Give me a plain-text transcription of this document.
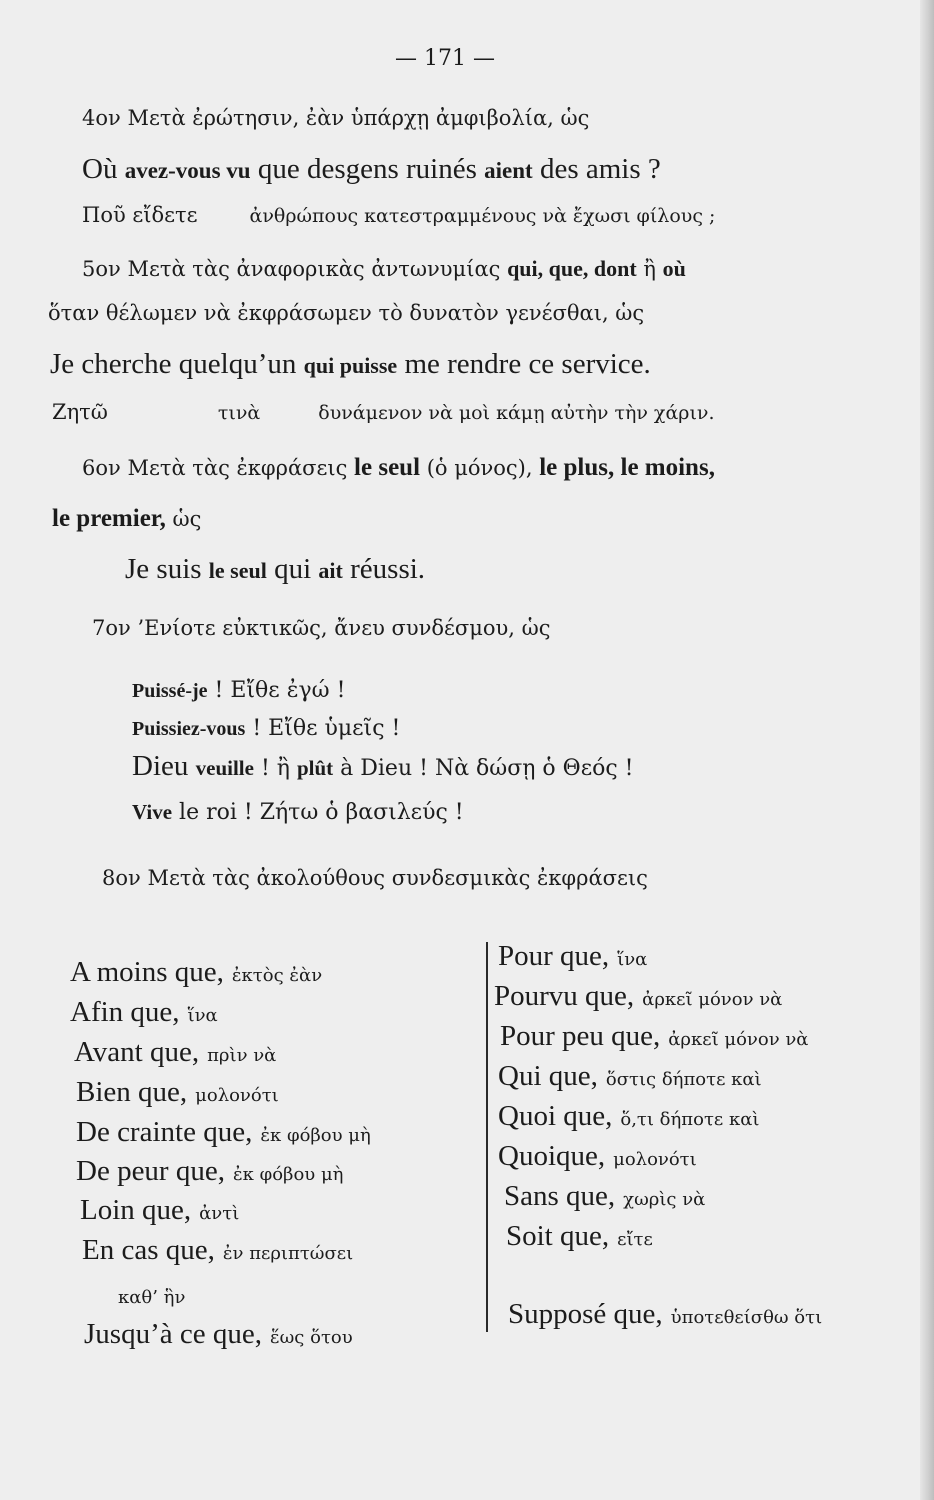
— 171 —
4ον Μετὰ ἐρώτησιν, ἐὰν ὑπάρχῃ ἀμφιβολία, ὡς
Où avez-vous vu que desgens ruinés aient des amis ?
Ποῦ εἴδετε	ἀνθρώπους κατεστραμμένους νὰ ἔχωσι φίλους ;
5ον Μετὰ τὰς ἀναφορικὰς ἀντωνυμίας qui, que, dont ἢ où
ὅταν θέλωμεν νὰ ἐκφράσωμεν τὸ δυνατὸν γενέσθαι, ὡς
Je cherche quelqu’un qui puisse me rendre ce service.
Ζητῶ	τινὰ	δυνάμενον νὰ μοὶ κάμῃ αὐτὴν τὴν χάριν.
6ον Μετὰ τὰς ἐκφράσεις le seul (ὁ μόνος), le plus, le moins,
le premier, ὡς
Je suis le seul qui ait réussi.
7ον ’Ενίοτε εὐκτικῶς, ἄνευ συνδέσμου, ὡς
Puissé-je ! Εἴθε ἐγώ !
Puissiez-vous ! Εἴθε ὑμεῖς !
Dieu veuille ! ἢ plût à Dieu ! Νὰ δώσῃ ὁ Θεός !
Vive le roi ! Ζήτω ὁ βασιλεύς !
8ον Μετὰ τὰς ἀκολούθους συνδεσμικὰς ἐκφράσεις
A moins que, ἐκτὸς ἐὰν
Afin que, ἵνα
Avant que, πρὶν νὰ
Bien que, μολονότι
De crainte que, ἐκ φόβου μὴ
De peur que, ἐκ φόβου μὴ
Loin que, ἀντὶ
En cas que, ἐν περιπτώσει
καθ’ ἣν
Jusqu’à ce que, ἕως ὅτου
Pour que, ἵνα
Pourvu que, ἀρκεῖ μόνον νὰ
Pour peu que, ἀρκεῖ μόνον νὰ
Qui que, ὅστις δήποτε καὶ
Quoi que, ὅ,τι δήποτε καὶ
Quoique, μολονότι
Sans que, χωρὶς νὰ
Soit que, εἴτε
Supposé que, ὑποτεθείσθω ὅτι
